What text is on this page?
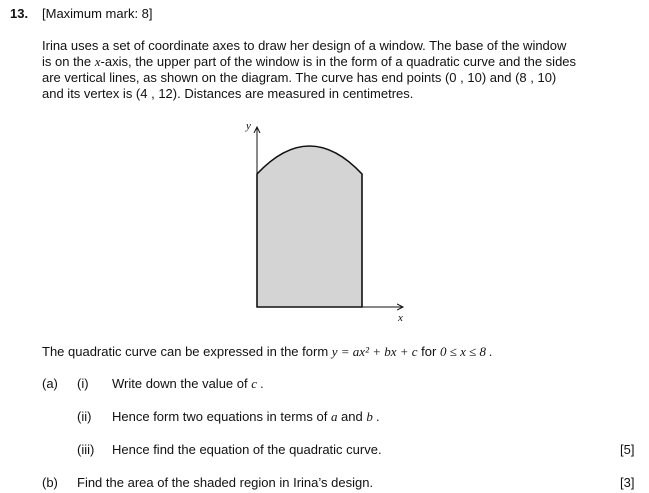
13. [Maximum mark: 8]
Irina uses a set of coordinate axes to draw her design of a window. The base of the window
is on the x-axis, the upper part of the window is in the form of a quadratic curve and the sides
are vertical lines, as shown on the diagram. The curve has end points (0 , 10) and (8 , 10)
and its vertex is (4 , 12). Distances are measured in centimetres.
y
x
The quadratic curve can be expressed in the form y = ax² + bx + c for 0 ≤ x ≤ 8 .
(a) (i) Write down the value of c .
(ii) Hence form two equations in terms of a and b .
(iii) Hence find the equation of the quadratic curve.	[5]
(b) Find the area of the shaded region in Irina’s design.	[3]
